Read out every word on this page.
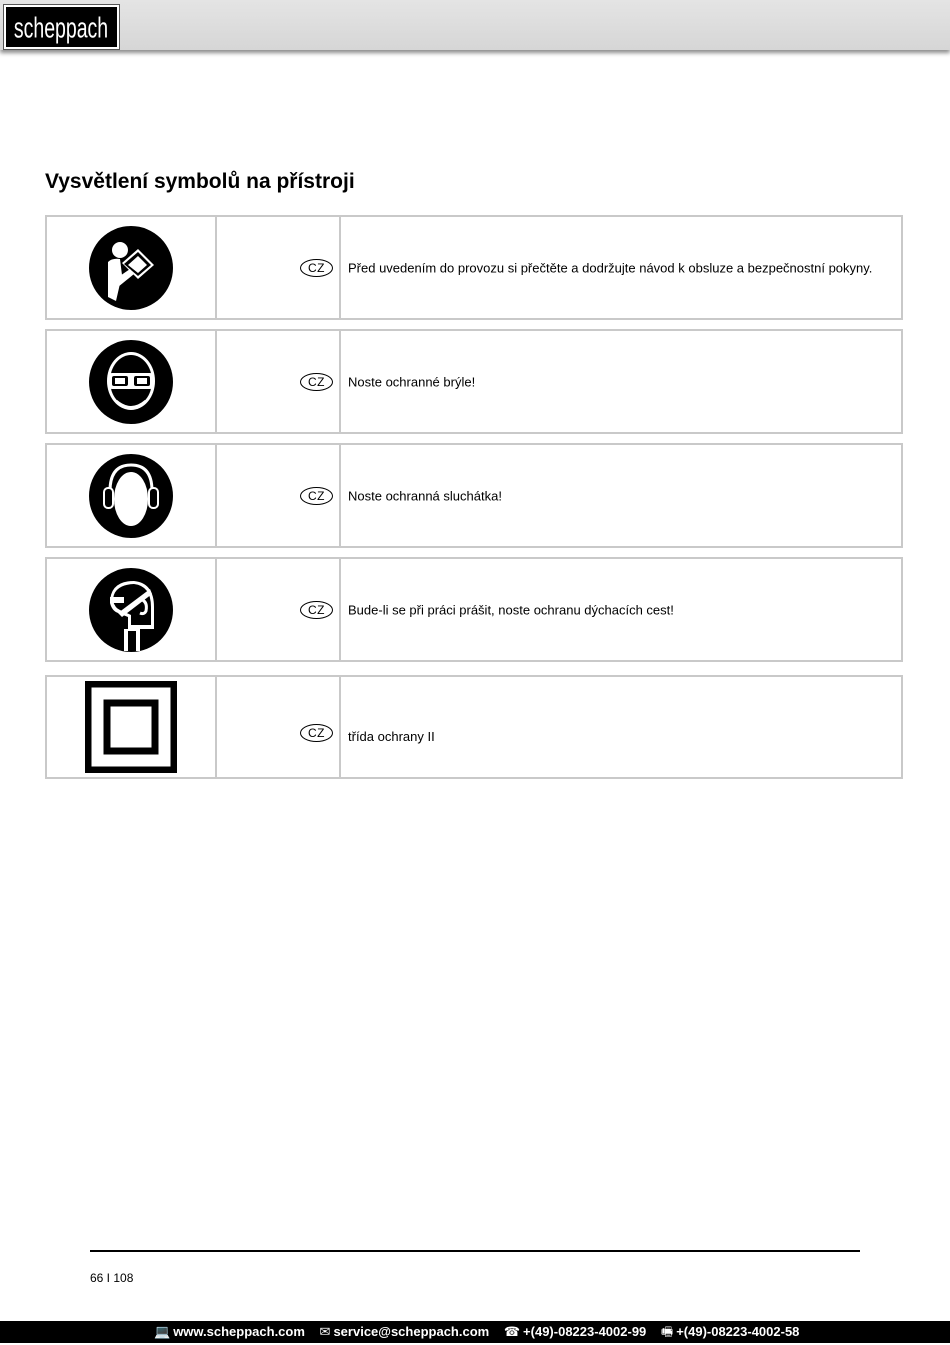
scheppach
Vysvětlení symbolů na přístroji
CZ	Před uvedením do provozu si přečtěte a dodržujte návod k obsluze a bezpečnostní pokyny.
CZ	Noste ochranné brýle!
CZ	Noste ochranná sluchátka!
CZ	Bude-li se při práci prášit, noste ochranu dýchacích cest!
CZ	třída ochrany II
66 I 108
💻 www.scheppach.com ✉ service@scheppach.com ☎ +(49)-08223-4002-99 🖷 +(49)-08223-4002-58
